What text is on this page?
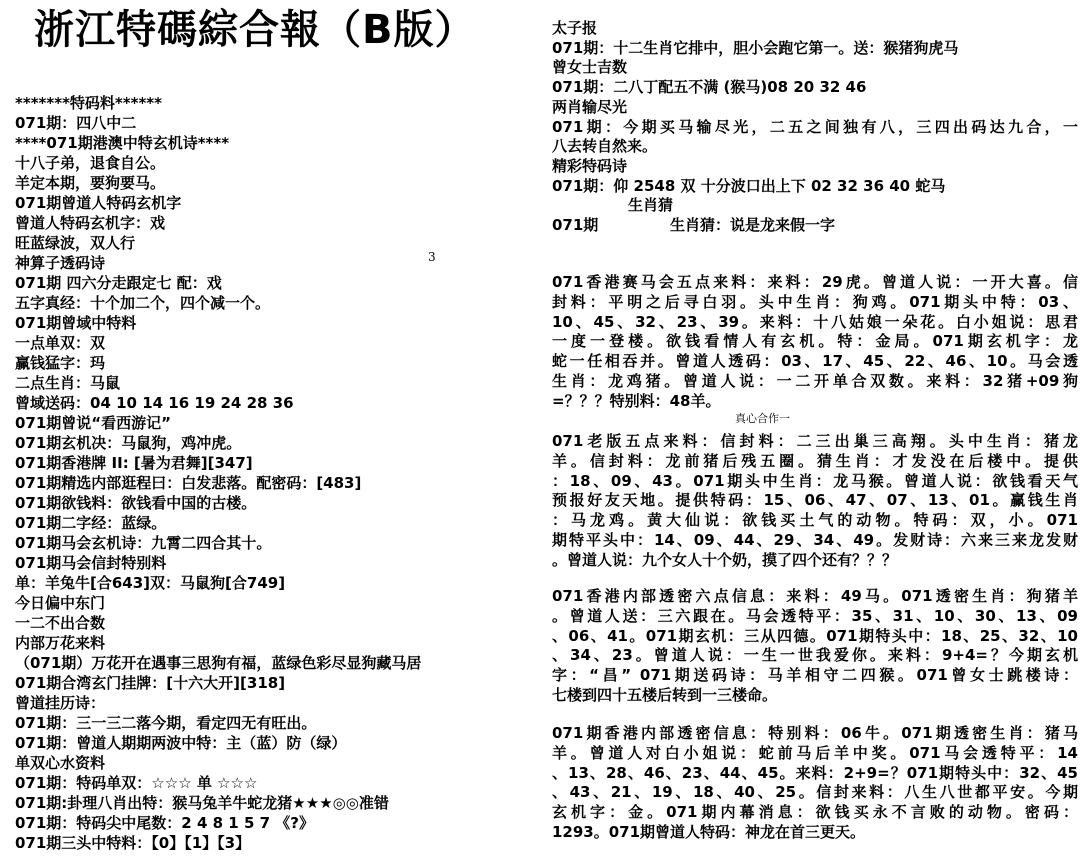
浙江特碼綜合報（B版）
3
*******特码料******
071期：四八中二
****071期港澳中特玄机诗****
十八子弟，退食自公。
羊定本期，要狗要马。
071期曾道人特码玄机字
曾道人特码玄机字：戏
旺蓝绿波，双人行
神算子透码诗
071期 四六分走跟定七 配：戏
五字真经：十个加二个，四个减一个。
071期曾域中特料
一点单双：双
赢钱猛字：玛
二点生肖：马鼠
曾域送码：04 10 14 16 19 24 28 36
071期曾说“看西游记”
071期玄机决：马鼠狗，鸡冲虎。
071期香港牌 II: [暑为君舞][347]
071期精选内部逛程曰：白发悲落。配密码：[483]
071期欲钱料：欲钱看中国的古楼。
071期二字经：蓝绿。
071期马会玄机诗：九霄二四合其十。
071期马会信封特别料
单：羊兔牛[合643]双：马鼠狗[合749]
今日偏中东门
一二不出合数
内部万花来料
（071期）万花开在遇事三思狗有福，蓝绿色彩尽显狗藏马居
071期合湾玄门挂牌：[十六大开][318]
曾道挂历诗：
071期：三一三二落今期，看定四无有旺出。
071期：曾道人期期两波中特：主（蓝）防（绿）
单双心水资料
071期：特码单双：☆☆☆ 单 ☆☆☆
071期:卦理八肖出特：猴马兔羊牛蛇龙猪★★★◎◎准错
071期：特码尖中尾数：2 4 8 1 5 7 《?》
071期三头中特料：【0】【1】【3】
真心合作一
太子报
071期：十二生肖它排中，胆小会跑它第一。送：猴猪狗虎马
曾女士吉数
071期：二八丁配五不满 (猴马)08 20 32 46
两肖输尽光
071期：今期买马输尽光，二五之间独有八，三四出码达九合，一
八去转自然来。
精彩特码诗
071期：仰 2548 双 十分波口出上下 02 32 36 40 蛇马
生肖猜
071期	生肖猜：说是龙来假一字
071香港赛马会五点来料：来料：29虎。曾道人说：一开大喜。信
封料：平明之后寻白羽。头中生肖：狗鸡。071期头中特：03、
10、45、32、23、39。来料：十八姑娘一朵花。白小姐说：思君
一度一登楼。欲钱看情人有玄机。特：金局。071期玄机字：龙
蛇一任相吞并。曾道人透码：03、17、45、22、46、10。马会透
生肖：龙鸡猪。曾道人说：一二开单合双数。来料：32猪+09狗
=？？？特别料：48羊。
071老版五点来料：信封料：二三出巢三高翔。头中生肖：猪龙
羊。信封料：龙前猪后残五圈。猜生肖：才发没在后楼中。提供
：18、09、43。071期头中生肖：龙马猴。曾道人说：欲钱看天气
预报好友天地。提供特码：15、06、47、07、13、01。赢钱生肖
：马龙鸡。黄大仙说：欲钱买土气的动物。特码：双，小。071
期特平头中：14、09、44、29、34、49。发财诗：六来三来龙发财
。曾道人说：九个女人十个奶，摸了四个还有？？？
071香港内部透密六点信息：来料：49马。071透密生肖：狗猪羊
。曾道人送：三六跟在。马会透特平：35、31、10、30、13、09
、06、41。071期玄机：三从四德。071期特头中：18、25、32、10
、34、23。曾道人说：一生一世我爱你。来料：9+4=？今期玄机
字：“昌” 071期送码诗：马羊相守二四猴。071曾女士跳楼诗：
七楼到四十五楼后转到一三楼命。
071期香港内部透密信息：特别料：06牛。071期透密生肖：猪马
羊。曾道人对白小姐说：蛇前马后羊中奖。071马会透特平：14
、13、28、46、23、44、45。来料：2+9=？071期特头中：32、45
、43、21、19、18、40、25。信封来料：八生八世都平安。今期
玄机字：金。071期内幕消息：欲钱买永不言败的动物。密码：
1293。071期曾道人特码：神龙在首三更天。
